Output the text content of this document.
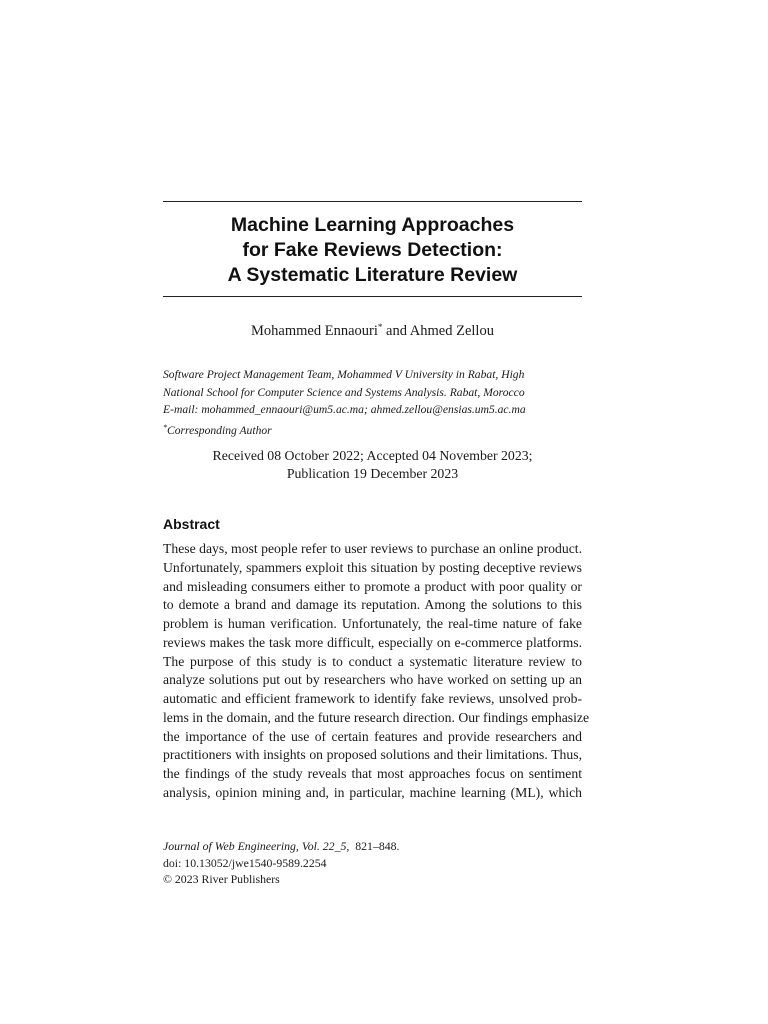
Machine Learning Approaches
for Fake Reviews Detection:
A Systematic Literature Review
Mohammed Ennaouri* and Ahmed Zellou
Software Project Management Team, Mohammed V University in Rabat, High
National School for Computer Science and Systems Analysis. Rabat, Morocco
E-mail: mohammed_ennaouri@um5.ac.ma; ahmed.zellou@ensias.um5.ac.ma
*Corresponding Author
Received 08 October 2022; Accepted 04 November 2023;
Publication 19 December 2023
Abstract
These days, most people refer to user reviews to purchase an online product.
Unfortunately, spammers exploit this situation by posting deceptive reviews
and misleading consumers either to promote a product with poor quality or
to demote a brand and damage its reputation. Among the solutions to this
problem is human verification. Unfortunately, the real-time nature of fake
reviews makes the task more difficult, especially on e-commerce platforms.
The purpose of this study is to conduct a systematic literature review to
analyze solutions put out by researchers who have worked on setting up an
automatic and efficient framework to identify fake reviews, unsolved prob-
lems in the domain, and the future research direction. Our findings emphasize
the importance of the use of certain features and provide researchers and
practitioners with insights on proposed solutions and their limitations. Thus,
the findings of the study reveals that most approaches focus on sentiment
analysis, opinion mining and, in particular, machine learning (ML), which
Journal of Web Engineering, Vol. 22_5, 821–848.
doi: 10.13052/jwe1540-9589.2254
© 2023 River Publishers
